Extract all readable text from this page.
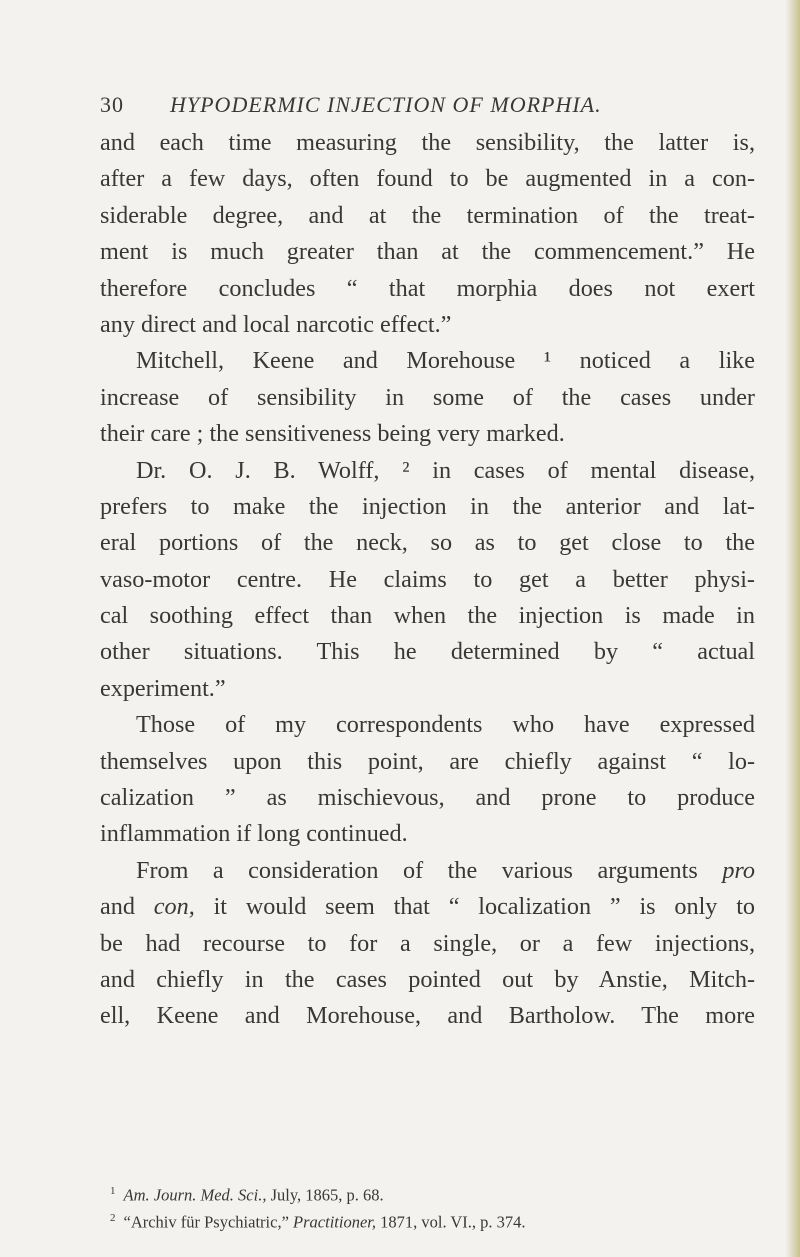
30 HYPODERMIC INJECTION OF MORPHIA.
and each time measuring the sensibility, the latter is,
after a few days, often found to be augmented in a con-
siderable degree, and at the termination of the treat-
ment is much greater than at the commencement.” He
therefore concludes “ that morphia does not exert
any direct and local narcotic effect.”
Mitchell, Keene and Morehouse ¹ noticed a like
increase of sensibility in some of the cases under
their care ; the sensitiveness being very marked.
Dr. O. J. B. Wolff, ² in cases of mental disease,
prefers to make the injection in the anterior and lat-
eral portions of the neck, so as to get close to the
vaso-motor centre. He claims to get a better physi-
cal soothing effect than when the injection is made in
other situations. This he determined by “ actual
experiment.”
Those of my correspondents who have expressed
themselves upon this point, are chiefly against “ lo-
calization ” as mischievous, and prone to produce
inflammation if long continued.
From a consideration of the various arguments pro
and con, it would seem that “ localization ” is only to
be had recourse to for a single, or a few injections,
and chiefly in the cases pointed out by Anstie, Mitch-
ell, Keene and Morehouse, and Bartholow. The more
$^1$ Am. Journ. Med. Sci., July, 1865, p. 68.
$^2$ “Archiv für Psychiatric,” Practitioner, 1871, vol. VI., p. 374.
